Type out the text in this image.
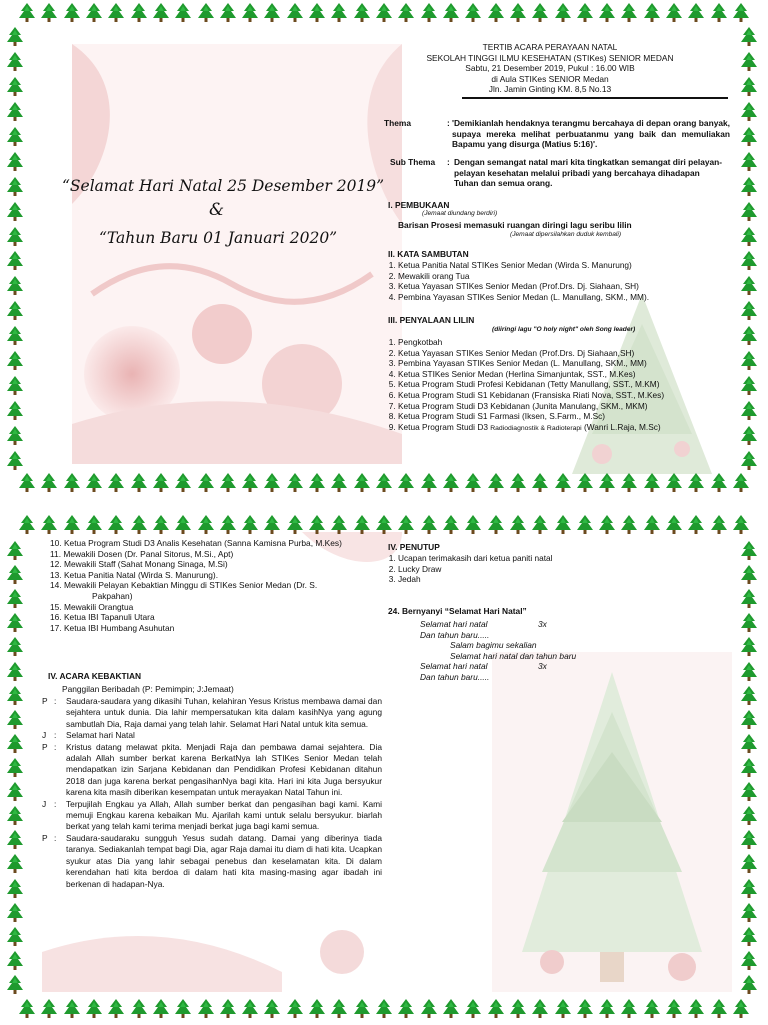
TERTIB ACARA PERAYAAN NATAL
SEKOLAH TINGGI ILMU KESEHATAN (STIKes) SENIOR MEDAN
Sabtu, 21 Desember 2019, Pukul : 16.00 WIB
di Aula STIKes SENIOR Medan
Jln. Jamin Ginting KM. 8,5 No.13
“Selamat Hari Natal 25 Desember 2019”
&
“Tahun Baru 01 Januari 2020”
Thema	: 'Demikianlah hendaknya terangmu bercahaya di depan orang banyak, supaya mereka melihat perbuatanmu yang baik dan memuliakan Bapamu yang disurga (Matius 5:16)'.
Sub Thema : Dengan semangat natal mari kita tingkatkan semangat diri pelayan-pelayan kesehatan melalui pribadi yang bercahaya dihadapan Tuhan dan semua orang.
I. PEMBUKAAN
(Jemaat diundang berdiri)
Barisan Prosesi memasuki ruangan diringi lagu seribu lilin
(Jemaat dipersilahkan duduk kembali)
II. KATA SAMBUTAN
1. Ketua Panitia Natal STIKes Senior Medan (Wirda S. Manurung)
2. Mewakili orang Tua
3. Ketua Yayasan STIKes Senior Medan (Prof.Drs. Dj. Siahaan, SH)
4. Pembina Yayasan STIKes Senior Medan (L. Manullang, SKM., MM).
III. PENYALAAN LILIN
(diiringi lagu "O holy night" oleh Song leader)
1. Pengkotbah
2. Ketua Yayasan STIKes Senior Medan (Prof.Drs. Dj Siahaan,SH)
3. Pembina Yayasan STIKes Senior Medan (L. Manullang, SKM., MM)
4. Ketua STIKes Senior Medan (Herlina Simanjuntak, SST., M.Kes)
5. Ketua Program Studi Profesi Kebidanan (Tetty Manullang, SST., M.KM)
6. Ketua Program Studi S1 Kebidanan (Fransiska Riati Nova, SST., M.Kes)
7. Ketua Program Studi D3 Kebidanan (Junita Manulang, SKM., MKM)
8. Ketua Program Studi S1 Farmasi (Iksen, S.Farm., M.Sc)
9. Ketua Program Studi D3 Radiodiagnostik & Radioterapi (Wanri L.Raja, M.Sc)
10. Ketua Program Studi D3 Analis Kesehatan (Sanna Kamisna Purba, M.Kes)
11. Mewakili Dosen (Dr. Panal Sitorus, M.Si., Apt)
12. Mewakili Staff (Sahat Monang Sinaga, M.Si)
13. Ketua Panitia Natal (Wirda S. Manurung).
14. Mewakili Pelayan Kebaktian Minggu di STIKes Senior Medan (Dr. S.
Pakpahan)
15. Mewakili Orangtua
16. Ketua IBI Tapanuli Utara
17. Ketua IBI Humbang Asuhutan
IV. ACARA KEBAKTIAN
Panggilan Beribadah (P: Pemimpin; J:Jemaat)
P :	Saudara-saudara yang dikasihi Tuhan, kelahiran Yesus Kristus membawa damai dan sejahtera untuk dunia. Dia lahir mempersatukan kita dalam kasihNya yang agung sambutlah Dia, Raja damai yang telah lahir. Selamat Hari Natal untuk kita semua.
J :	Selamat hari Natal
P :	Kristus datang melawat pkita. Menjadi Raja dan pembawa damai sejahtera. Dia adalah Allah sumber berkat karena BerkatNya lah STIKes Senior Medan telah mendapatkan izin Sarjana Kebidanan dan Pendidikan Profesi Kebidanan ditahun 2018 dan juga karena berkat pengasihanNya bagi kita. Hari ini kita Juga bersyukur karena kita masih diberikan kesempatan untuk merayakan Natal Tahun ini.
J :	Terpujilah Engkau ya Allah, Allah sumber berkat dan pengasihan bagi kami. Kami memuji Engkau karena kebaikan Mu. Ajarilah kami untuk selalu bersyukur. biarlah berkat yang telah kami terima menjadi berkat juga bagi kami semua.
P :	Saudara-saudaraku sungguh Yesus sudah datang. Damai yang diberinya tiada taranya. Sediakanlah tempat bagi Dia, agar Raja damai itu diam di hati kita. Ucapkan syukur atas Dia yang lahir sebagai penebus dan keselamatan kita. Di dalam kerendahan hati kita berdoa di dalam hati kita masing-masing agar ibadah ini berkenan di hadapan-Nya.
IV. PENUTUP
1. Ucapan terimakasih dari ketua paniti natal
2. Lucky Draw
3. Jedah
24. Bernyanyi “Selamat Hari Natal”
Selamat hari natal	3x
Dan tahun baru.....
Salam bagimu sekalian
Selamat hari natal dan tahun baru
Selamat hari natal	3x
Dan tahun baru.....
